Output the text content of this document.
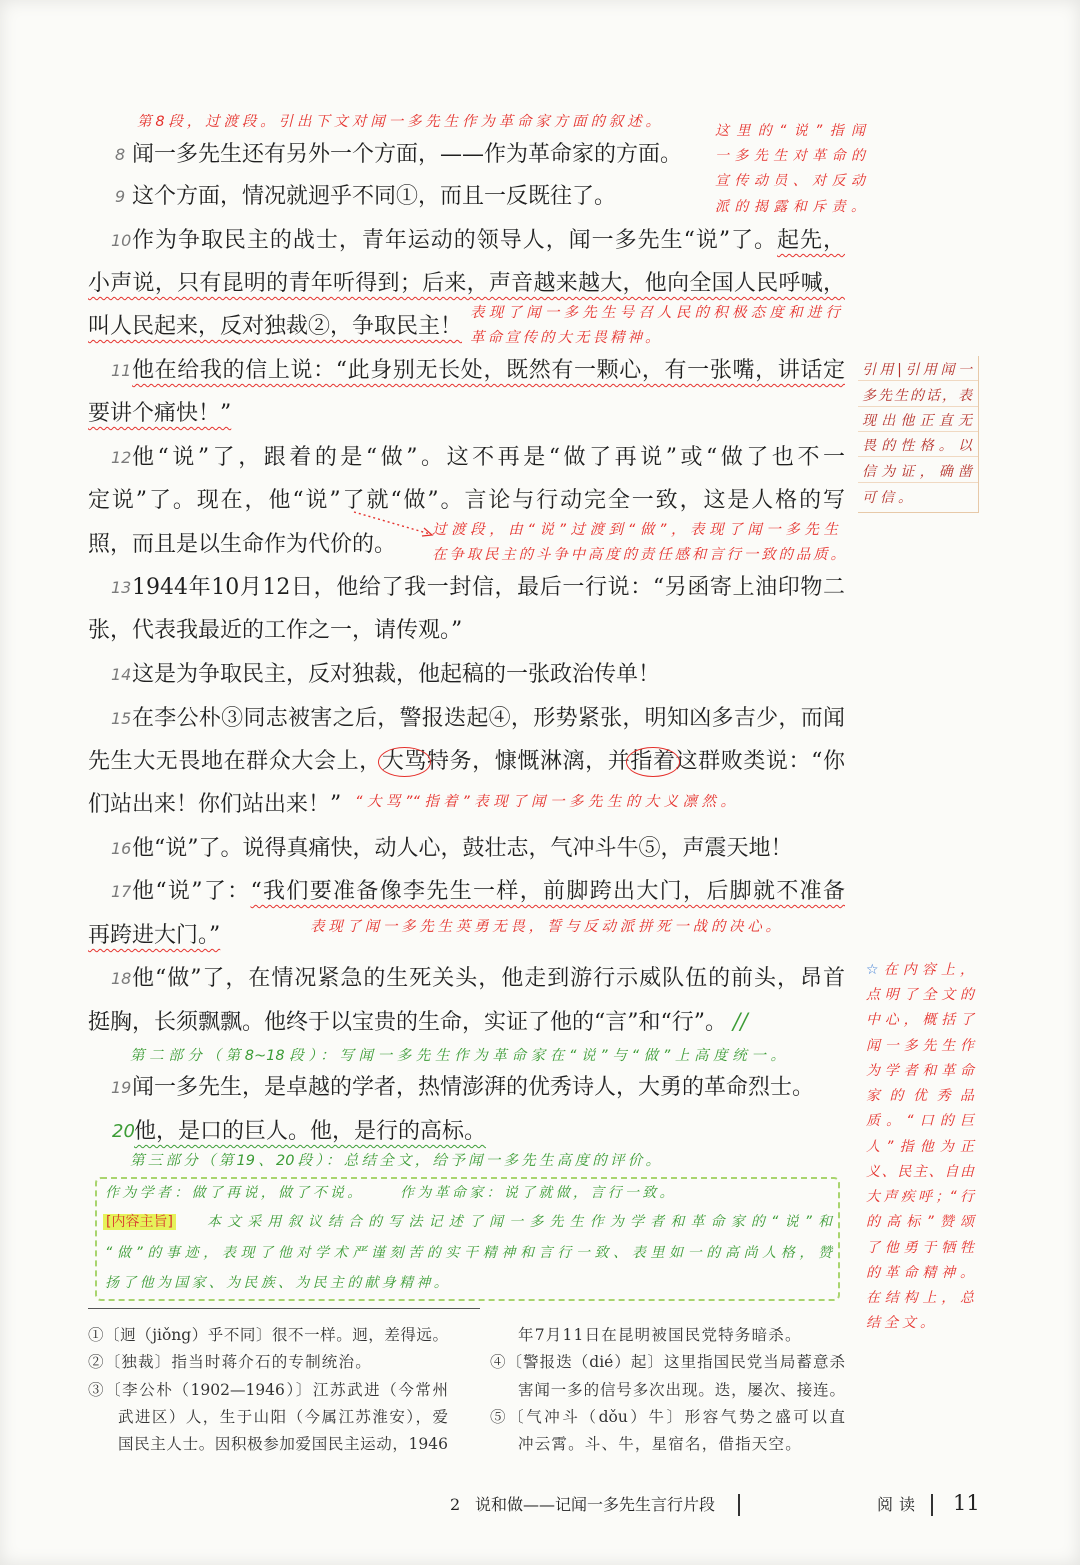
第8段，过渡段。引出下文对闻一多先生作为革命家方面的叙述。
这里的“说”指闻
一多先生对革命的
宣传动员、对反动
派的揭露和斥责。
8 闻一多先生还有另外一个方面，——作为革命家的方面。
9 这个方面，情况就迥乎不同①，而且一反既往了。
10 作为争取民主的战士，青年运动的领导人，闻一多先生“说”了。起先，
小声说，只有昆明的青年听得到；后来，声音越来越大，他向全国人民呼喊，
叫人民起来，反对独裁②，争取民主！
表现了闻一多先生号召人民的积极态度和进行
革命宣传的大无畏精神。
11 他在给我的信上说：“此身别无长处，既然有一颗心，有一张嘴，讲话定
要讲个痛快！”
引用|引用闻一
多先生的话，表
现出他正直无
畏的性格。以
信为证，确凿
可信。
12 他“说”了，跟着的是“做”。这不再是“做了再说”或“做了也不一
定说”了。现在，他“说”了就“做”。言论与行动完全一致，这是人格的写
照，而且是以生命作为代价的。
过渡段，由“说”过渡到“做”，表现了闻一多先生
在争取民主的斗争中高度的责任感和言行一致的品质。
13 1944年10月12日，他给了我一封信，最后一行说：“另函寄上油印物二
张，代表我最近的工作之一，请传观。”
14 这是为争取民主，反对独裁，他起稿的一张政治传单！
15 在李公朴③同志被害之后，警报迭起④，形势紧张，明知凶多吉少，而闻
先生大无畏地在群众大会上，大骂特务，慷慨淋漓，并指着这群败类说：“你
们站出来！你们站出来！” “大骂”“指着”表现了闻一多先生的大义凛然。
16 他“说”了。说得真痛快，动人心，鼓壮志，气冲斗牛⑤，声震天地！
17 他“说”了：“我们要准备像李先生一样，前脚跨出大门，后脚就不准备
再跨进大门。”	表现了闻一多先生英勇无畏，誓与反动派拼死一战的决心。
18 他“做”了，在情况紧急的生死关头，他走到游行示威队伍的前头，昂首
挺胸，长须飘飘。他终于以宝贵的生命，实证了他的“言”和“行”。 //
第二部分（第8~18段）：写闻一多先生作为革命家在“说”与“做”上高度统一。
19 闻一多先生，是卓越的学者，热情澎湃的优秀诗人，大勇的革命烈士。
20 他，是口的巨人。他，是行的高标。
第三部分（第19、20段）：总结全文，给予闻一多先生高度的评价。
作为学者：做了再说，做了不说。	作为革命家：说了就做，言行一致。
[内容主旨] 本文采用叙议结合的写法记述了闻一多先生作为学者和革命家的“说”和
“做”的事迹，表现了他对学术严谨刻苦的实干精神和言行一致、表里如一的高尚人格，赞
扬了他为国家、为民族、为民主的献身精神。
☆在内容上，
点明了全文的
中心，概括了
闻一多先生作
为学者和革命
家的优秀品
质。“口的巨
人”指他为正
义、民主、自由
大声疾呼；“行
的高标”赞颂
了他勇于牺牲
的革命精神。
在结构上，总
结全文。
①〔迥（jiǒng）乎不同〕很不一样。迥，差得远。
②〔独裁〕指当时蒋介石的专制统治。
③〔李公朴（1902—1946）〕江苏武进（今常州
武进区）人，生于山阳（今属江苏淮安），爱
国民主人士。因积极参加爱国民主运动，1946
年7月11日在昆明被国民党特务暗杀。
④〔警报迭（dié）起〕这里指国民党当局蓄意杀
害闻一多的信号多次出现。迭，屡次、接连。
⑤〔气冲斗（dǒu）牛〕形容气势之盛可以直
冲云霄。斗、牛，星宿名，借指天空。
2 说和做——记闻一多先生言行片段	阅读 11
